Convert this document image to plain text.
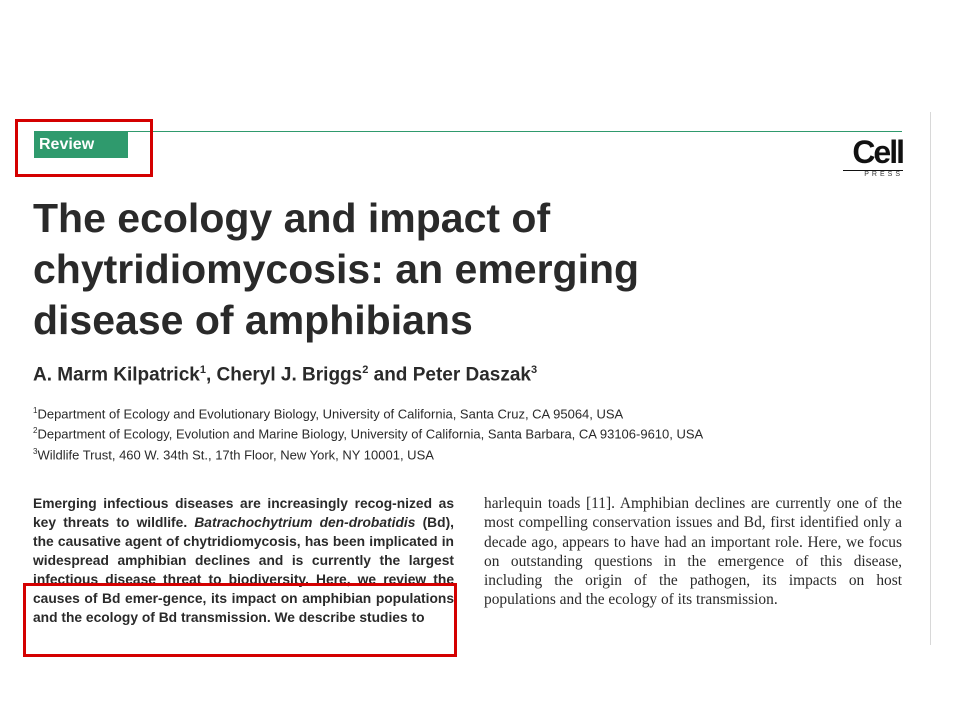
Review	Cell
PRESS
The ecology and impact of
chytridiomycosis: an emerging
disease of amphibians
A. Marm Kilpatrick$^1$, Cheryl J. Briggs$^2$ and Peter Daszak$^3$
$^1$Department of Ecology and Evolutionary Biology, University of California, Santa Cruz, CA 95064, USA
$^2$Department of Ecology, Evolution and Marine Biology, University of California, Santa Barbara, CA 93106-9610, USA
$^3$Wildlife Trust, 460 W. 34th St., 17th Floor, New York, NY 10001, USA

Emerging infectious diseases are increasingly recog-nized as key threats to wildlife. Batrachochytrium den-drobatidis (Bd), the causative agent of chytridiomycosis, has been implicated in widespread amphibian declines and is currently the largest infectious disease threat to biodiversity. Here, we review the causes of Bd emer-gence, its impact on amphibian populations and the ecology of Bd transmission. We describe studies to

harlequin toads [11]. Amphibian declines are currently one of the most compelling conservation issues and Bd, first identified only a decade ago, appears to have had an important role. Here, we focus on outstanding questions in the emergence of this disease, including the origin of the pathogen, its impacts on host populations and the ecology of its transmission.
